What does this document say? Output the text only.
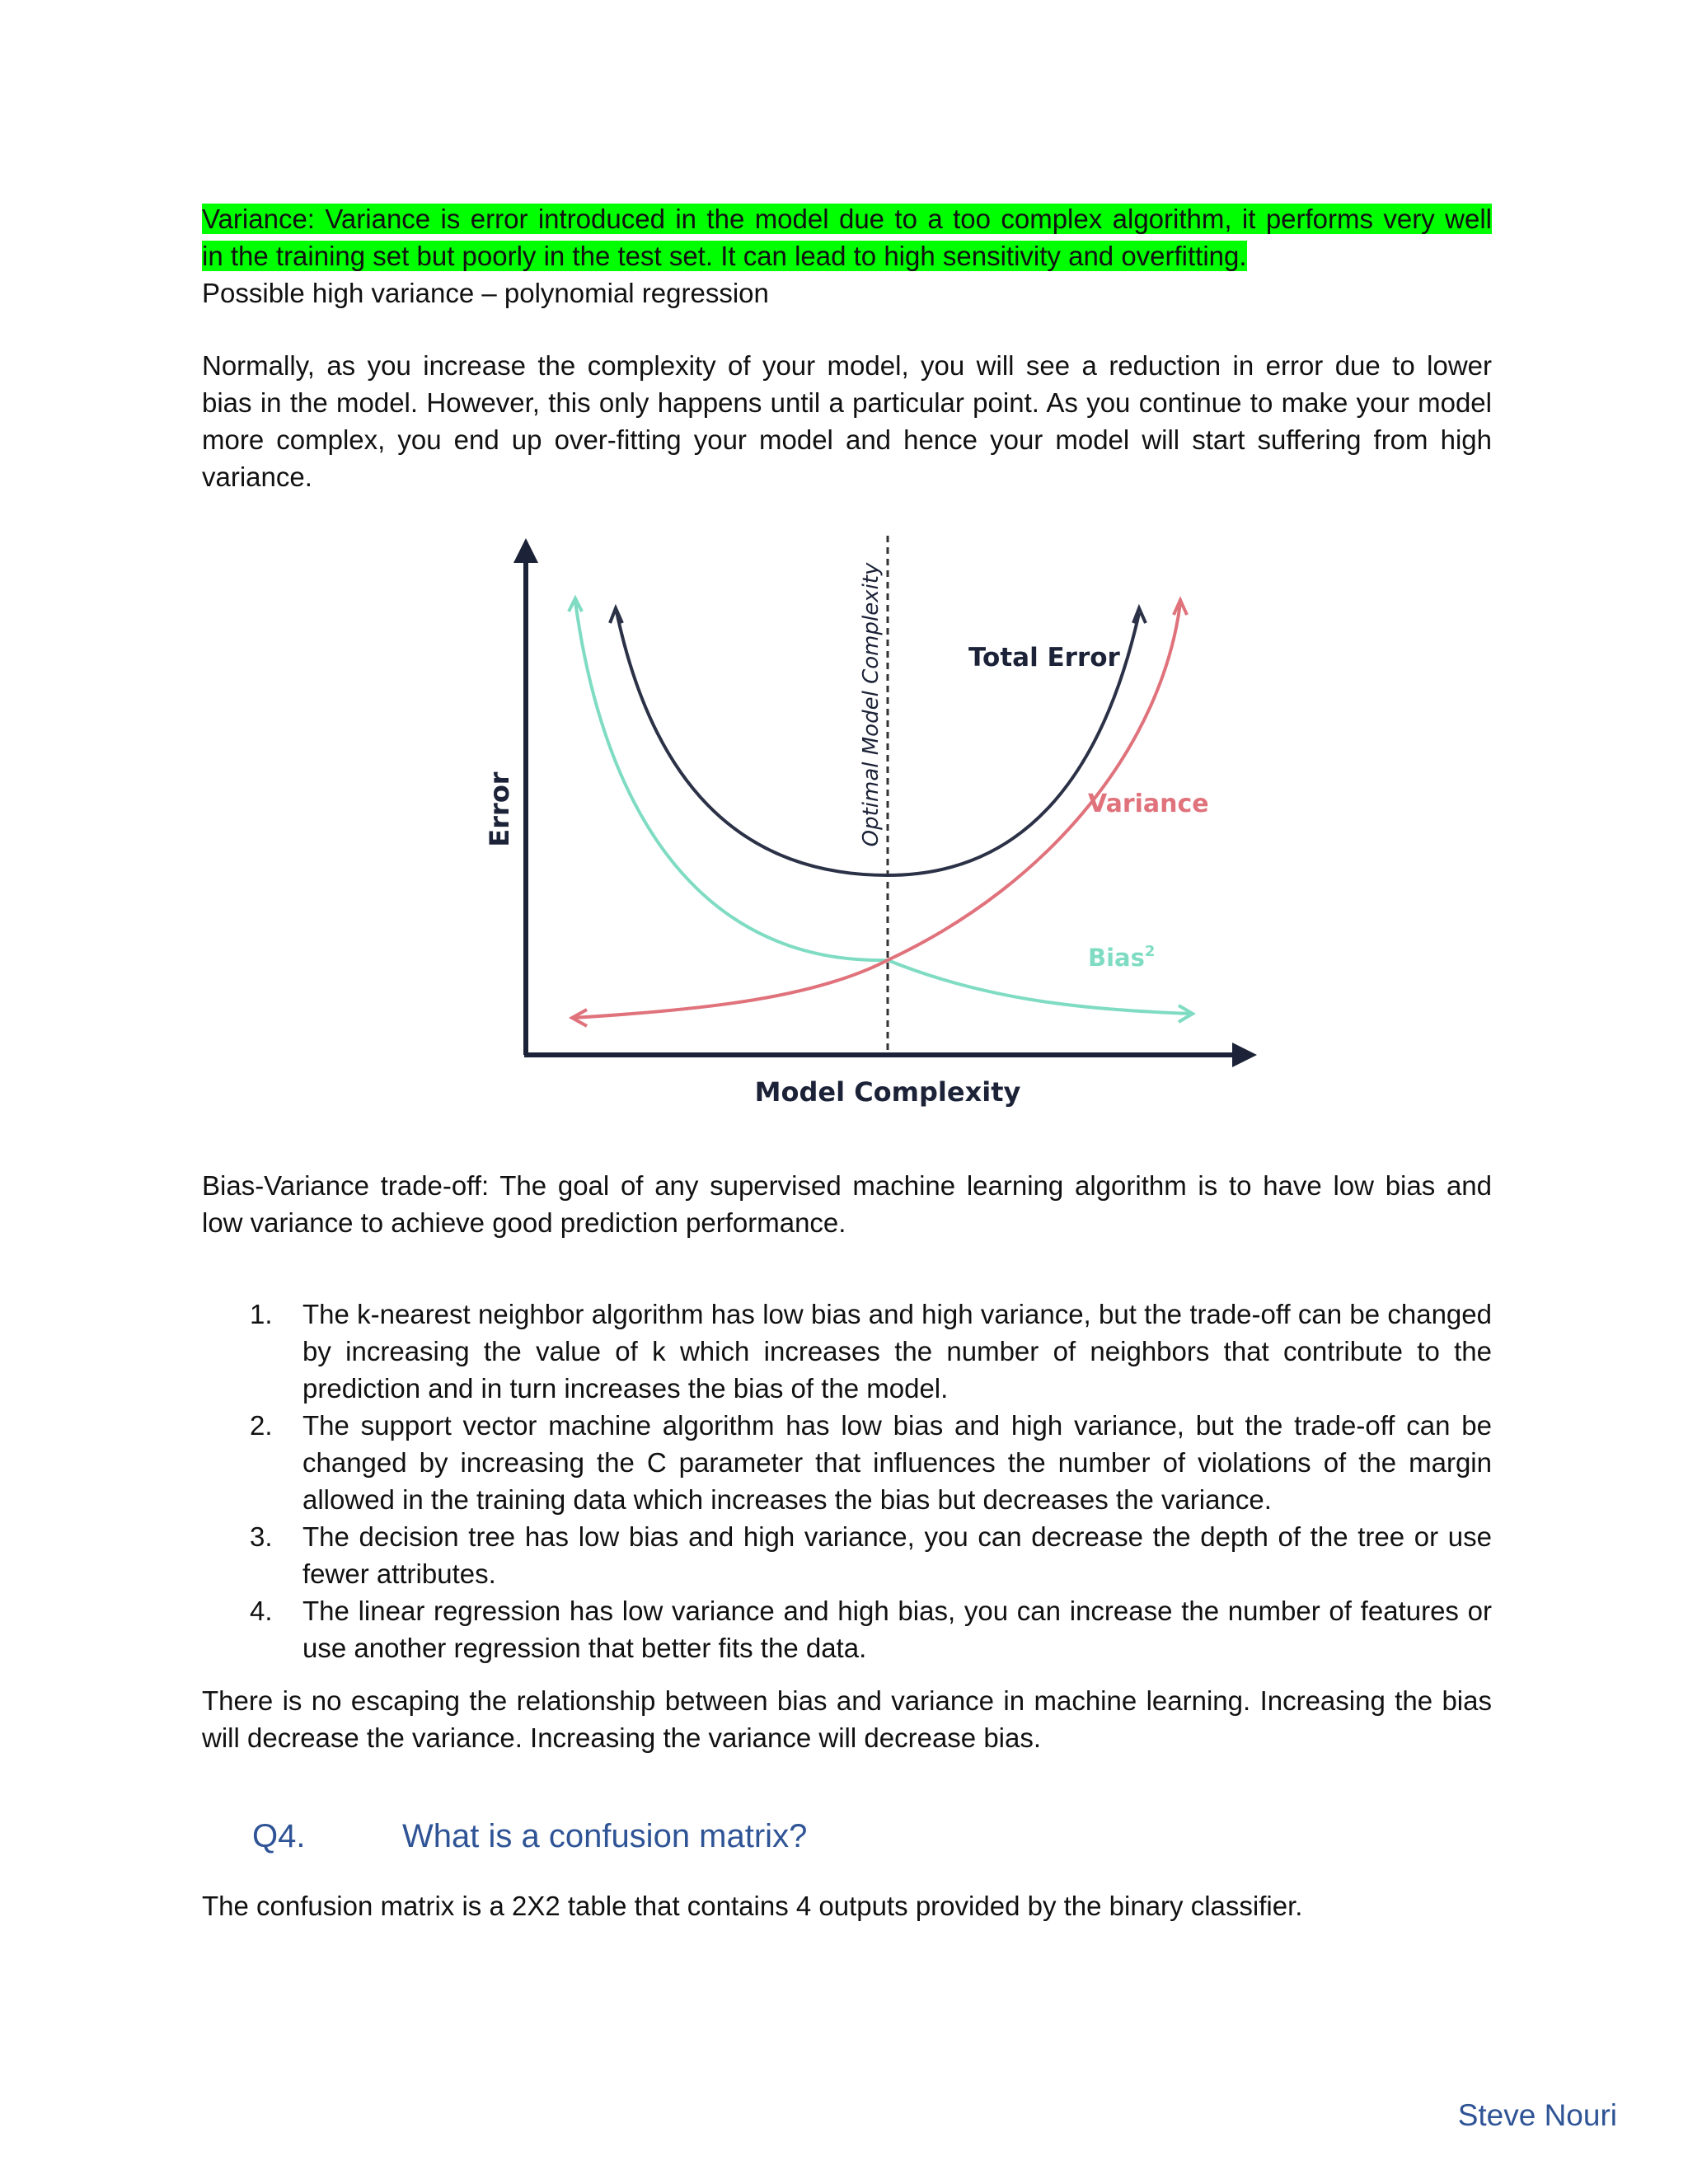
Variance: Variance is error introduced in the model due to a too complex algorithm, it performs very well
in the training set but poorly in the test set. It can lead to high sensitivity and overfitting.
Possible high variance – polynomial regression
Normally, as you increase the complexity of your model, you will see a reduction in error due to lower
bias in the model. However, this only happens until a particular point. As you continue to make your model
more complex, you end up over-fitting your model and hence your model will start suffering from high
variance.
Total Error
Variance
Bias$^2$
Model Complexity
Error	Optimal Model Complexity
Bias-Variance trade-off: The goal of any supervised machine learning algorithm is to have low bias and
low variance to achieve good prediction performance.
1. The k-nearest neighbor algorithm has low bias and high variance, but the trade-off can be changed
by increasing the value of k which increases the number of neighbors that contribute to the
prediction and in turn increases the bias of the model.
2. The support vector machine algorithm has low bias and high variance, but the trade-off can be
changed by increasing the C parameter that influences the number of violations of the margin
allowed in the training data which increases the bias but decreases the variance.
3. The decision tree has low bias and high variance, you can decrease the depth of the tree or use
fewer attributes.
4. The linear regression has low variance and high bias, you can increase the number of features or
use another regression that better fits the data.
There is no escaping the relationship between bias and variance in machine learning. Increasing the bias
will decrease the variance. Increasing the variance will decrease bias.
Q4.	What is a confusion matrix?
The confusion matrix is a 2X2 table that contains 4 outputs provided by the binary classifier.
Steve Nouri
